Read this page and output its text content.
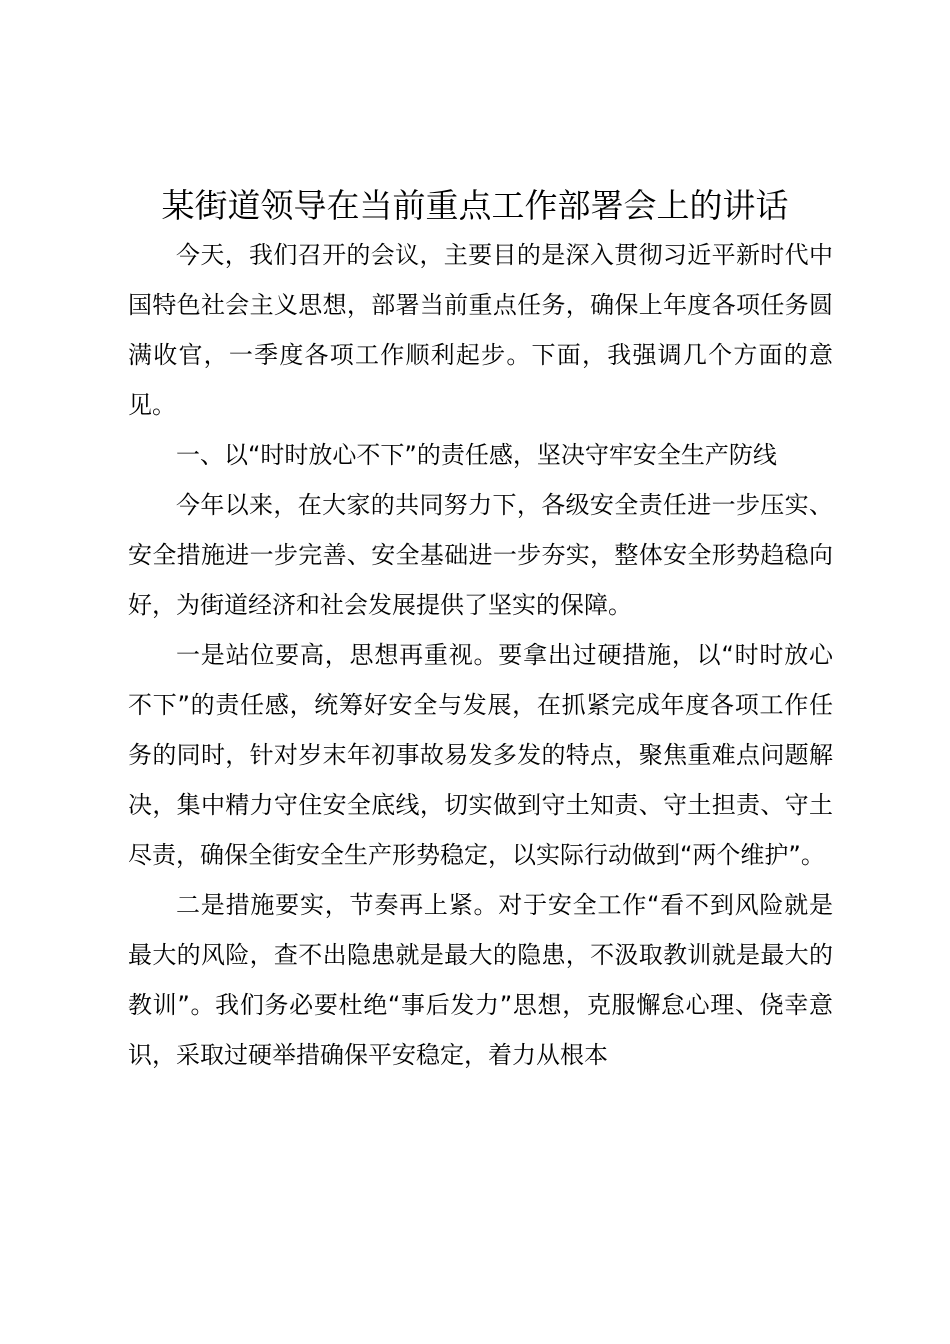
某街道领导在当前重点工作部署会上的讲话

今天，我们召开的会议，主要目的是深入贯彻习近平新时代中国特色社会主义思想，部署当前重点任务，确保上年度各项任务圆满收官，一季度各项工作顺利起步。下面，我强调几个方面的意见。

一、以“时时放心不下”的责任感，坚决守牢安全生产防线

今年以来，在大家的共同努力下，各级安全责任进一步压实、安全措施进一步完善、安全基础进一步夯实，整体安全形势趋稳向好，为街道经济和社会发展提供了坚实的保障。

一是站位要高，思想再重视。要拿出过硬措施，以“时时放心不下”的责任感，统筹好安全与发展，在抓紧完成年度各项工作任务的同时，针对岁末年初事故易发多发的特点，聚焦重难点问题解决，集中精力守住安全底线，切实做到守土知责、守土担责、守土尽责，确保全街安全生产形势稳定，以实际行动做到“两个维护”。

二是措施要实，节奏再上紧。对于安全工作“看不到风险就是最大的风险，查不出隐患就是最大的隐患，不汲取教训就是最大的教训”。我们务必要杜绝“事后发力”思想，克服懈怠心理、侥幸意识，采取过硬举措确保平安稳定，着力从根本
